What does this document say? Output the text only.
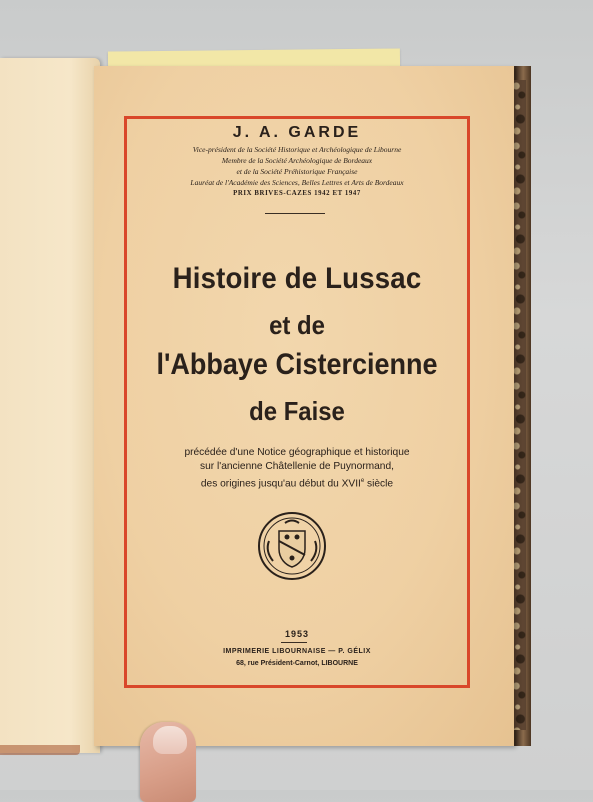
J. A. GARDE
Vice-président de la Société Historique et Archéologique de Libourne
Membre de la Société Archéologique de Bordeaux
et de la Société Préhistorique Française
Lauréat de l'Académie des Sciences, Belles Lettres et Arts de Bordeaux
PRIX BRIVES-CAZES 1942 ET 1947
Histoire de Lussac
et de
l'Abbaye Cistercienne
de Faise
précédée d'une Notice géographique et historique
sur l'ancienne Châtellenie de Puynormand,
des origines jusqu'au début du XVIIe siècle
1953
IMPRIMERIE LIBOURNAISE — P. GÉLIX
68, rue Président-Carnot, LIBOURNE
